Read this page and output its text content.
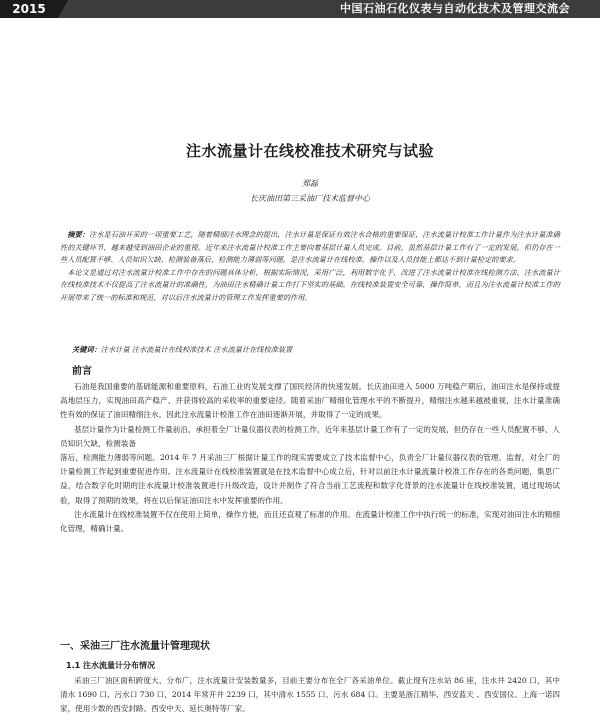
2015	中国石油石化仪表与自动化技术及管理交流会
注水流量计在线校准技术研究与试验
郑磊
长庆油田第三采油厂技术监督中心

 摘要：注水是石油开采的一项重要工艺，随着精细注水理念的提出，注水计量是保证有效注水合格的重要保证，注水流量计校准工作计量作为注水计量准确性的关键环节，越来越受到油田企业的重视。近年来注水流量计校准工作主要向着基层计量人员完成。目前，虽然基层计量工作有了一定的发展，但仍存在一些人员配置不够、人员知识欠缺、检测装备落后，检测能力薄弱等问题，是注水流量计在线校准，操作以及人员技能上都达不到计量检定的要求。

 本论文是通过对注水流量计校准工作中存在的问题具体分析，根据实际情况，采用广泛，利用数字化手，改进了注水流量计校准在线检测方法。注水流量计在线校准技术不仅提高了注水流量计的准确性，为油田注水精确计量工作打下坚实的基础。在线校准装置安全可靠，操作简单，而且为注水流量计校准工作的开展带来了统一的标准和规范，对以后注水流量计的管理工作发挥重要的作用。

关键词：注水计量 注水流量计在线校准技术 注水流量计在线校准装置
前言

石油是我国重要的基础能源和重要原料，石油工业的发展支撑了国民经济的快速发展。长庆油田进入 5000 万吨稳产期后，油田注水是保持或提高地层压力，实现油田高产稳产、并获得较高的采收率的重要途径。随着采油厂精细化管理水平的不断提升，精细注水越来越被重视，注水计量准确性有效的保证了油田精细注水，因此注水流量计校准工作在油田逐渐开展，并取得了一定的成果。

基层计量作为计量检测工作量前沿，承担着全厂计量仪器仪表的检测工作，近年来基层计量工作有了一定的发展，但仍存在一些人员配置不够、人员知识欠缺，检测装备

落后，检测能力薄弱等问题。2014 年 7 月采油三厂根据计量工作的现实需要成立了技术监督中心，负责全厂计量仪器仪表的管理、监督，对全厂的计量检测工作起到重要促进作用。注水流量计在线校准装置就是在技术监督中心成立后，针对以前注水计量流量计校准工作存在的各类问题，集思广益，结合数字化时期的注水流量计校准装置进行升级改造，设计并制作了符合当前工艺流程和数字化背景的注水流量计在线校准装置，通过现场试验，取得了预期的效果，将在以后保证油田注水中发挥重要的作用。

注水流量计在线校准装置不仅在使用上简单，操作方便，而且还直观了标准的作用。在流量计校准工作中执行统一的标准，实现对油田注水的精细化管理，精确计量。

一、采油三厂注水流量计管理现状
1.1 注水流量计分布情况

采油三厂油区面积跨度大、分布广，注水流量计安装数量多，目前主要分布在全厂各采油单位。截止现有注水站 86 座，注水井 2420 口，其中清水 1690 口、污水口 730 口，2014 年常开井 2239 口，其中清水 1555 口、污水 684 口。主要是浙江精华、西安蓝天 、西安国仪、上海一诺四家，使用少数的西安封路、西安中天、延长奥特等厂家。
